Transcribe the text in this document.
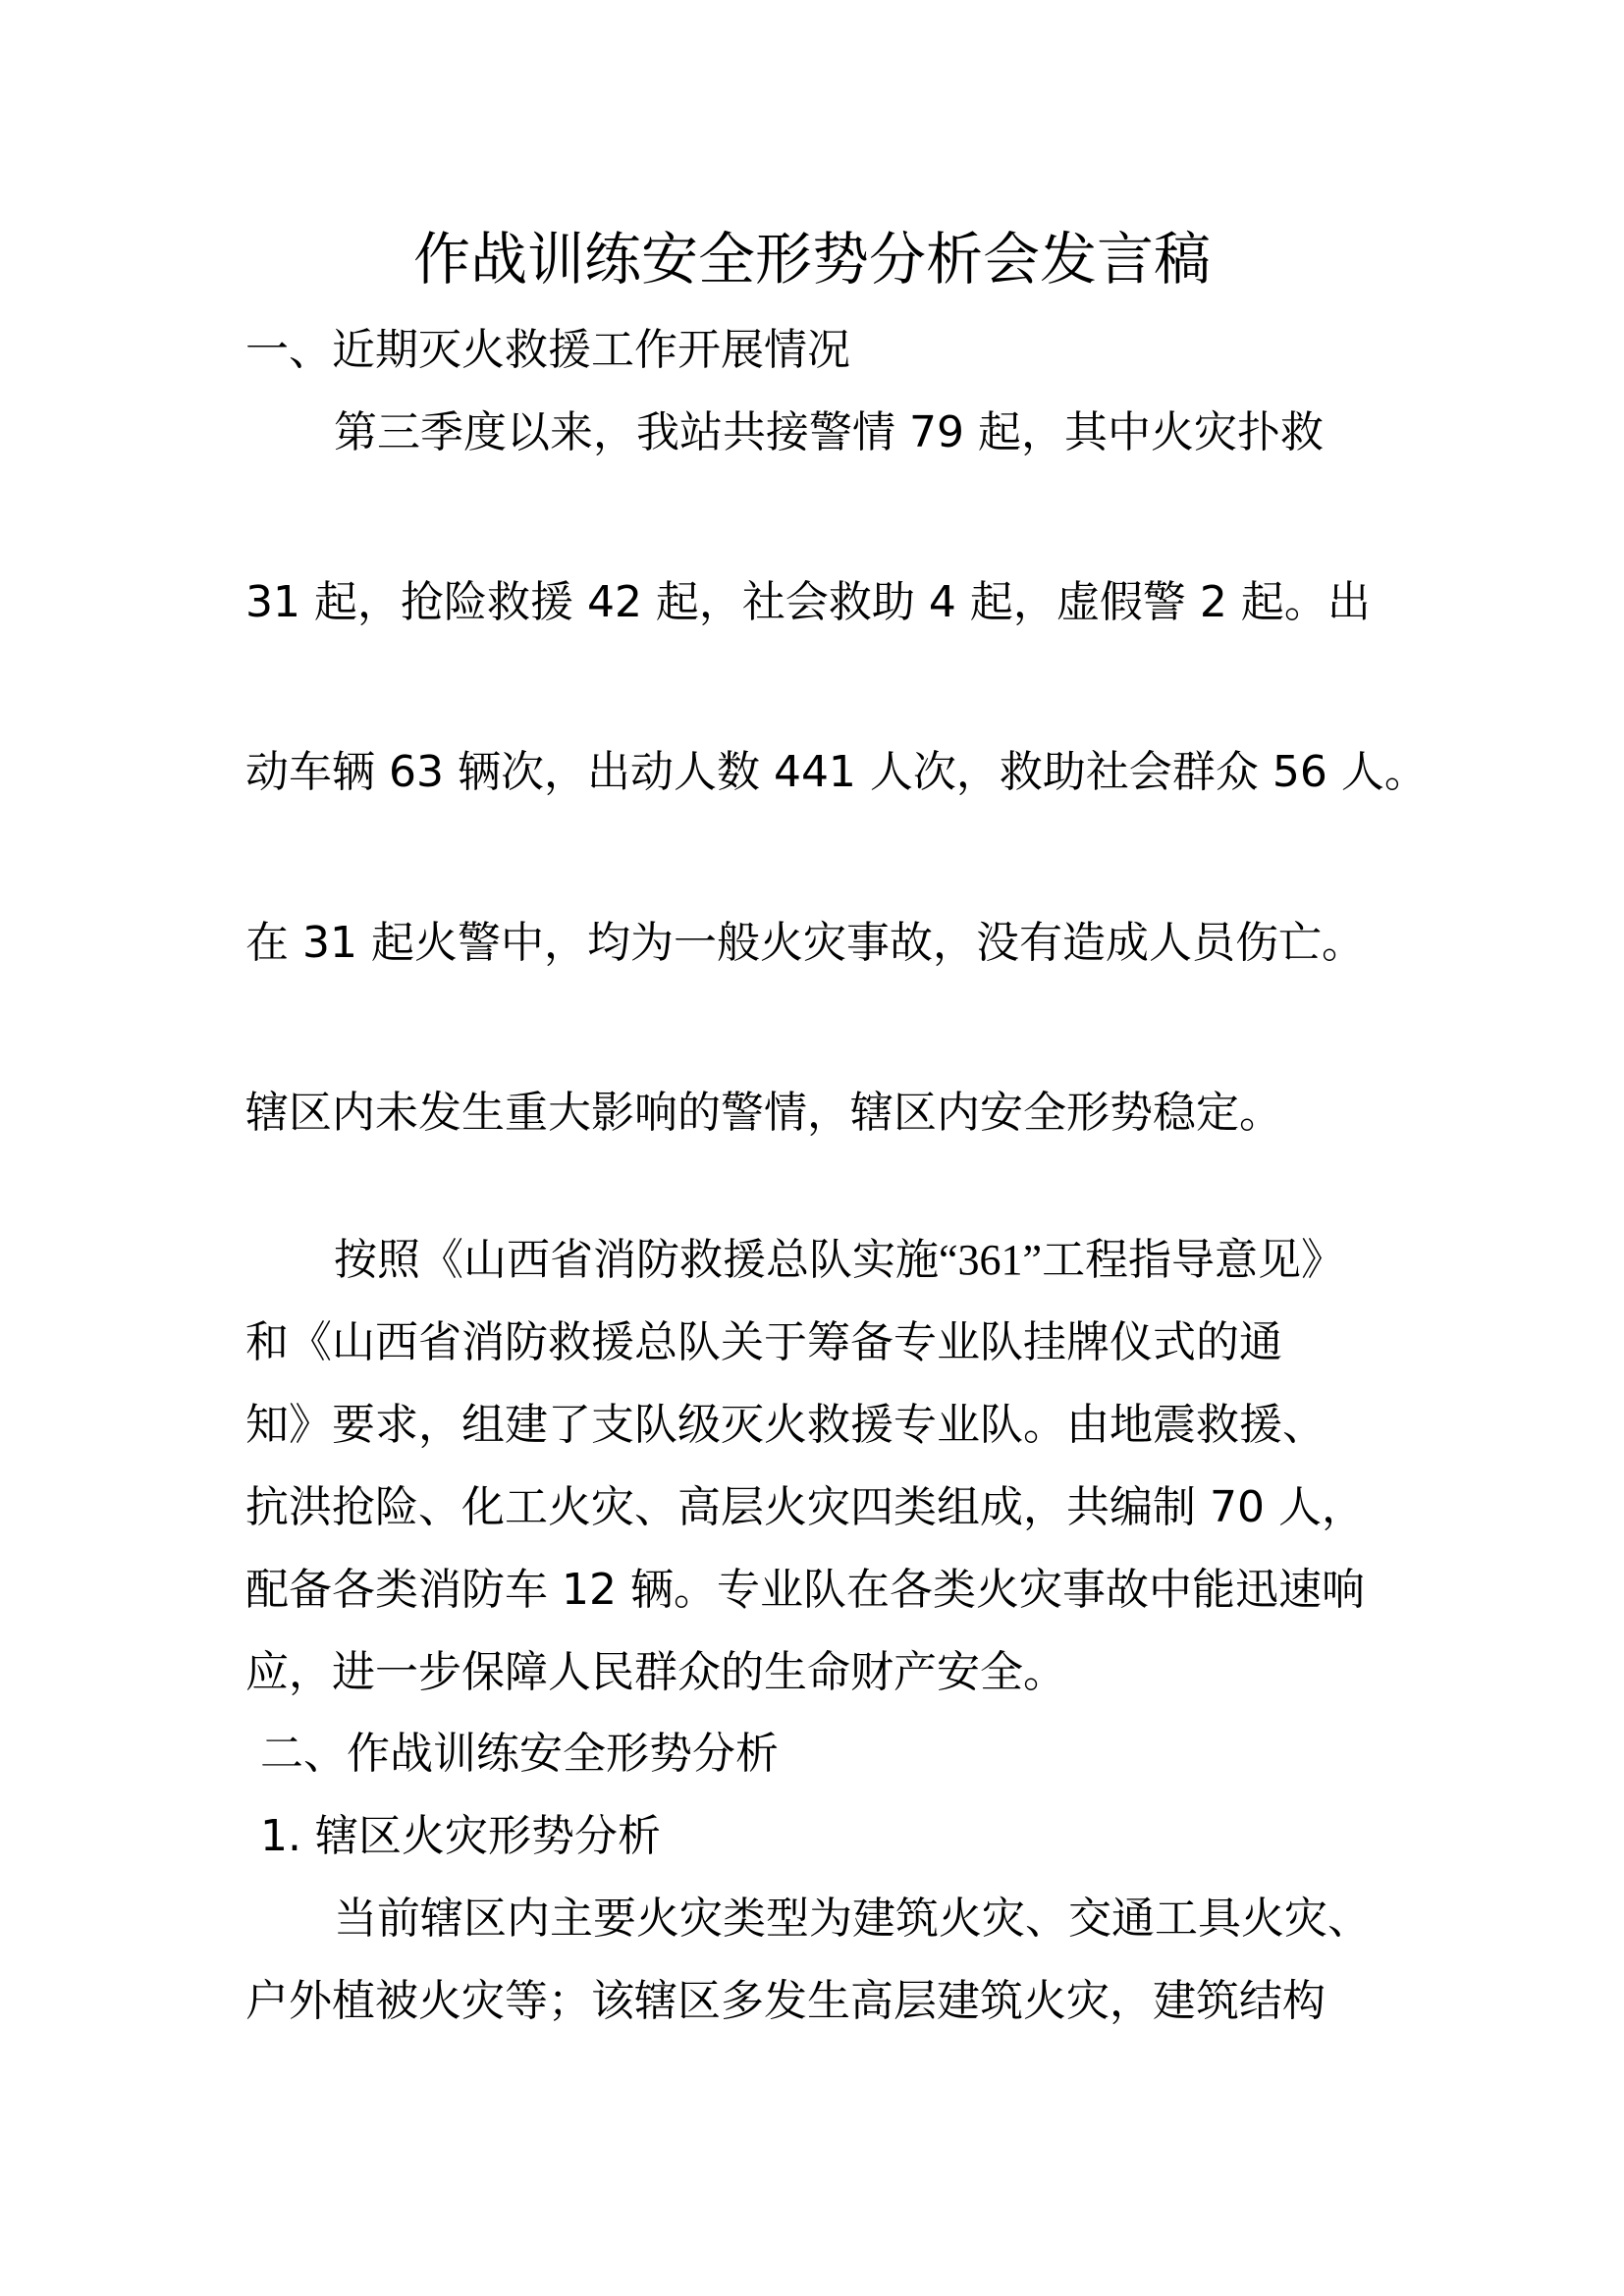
作战训练安全形势分析会发言稿
一、近期灭火救援工作开展情况
第三季度以来，我站共接警情 79 起，其中火灾扑救
31 起，抢险救援 42 起，社会救助 4 起，虚假警 2 起。出
动车辆 63 辆次，出动人数 441 人次，救助社会群众 56 人。
在 31 起火警中，均为一般火灾事故，没有造成人员伤亡。
辖区内未发生重大影响的警情，辖区内安全形势稳定。
按照《山西省消防救援总队实施“361”工程指导意见》
和《山西省消防救援总队关于筹备专业队挂牌仪式的通
知》要求，组建了支队级灭火救援专业队。由地震救援、
抗洪抢险、化工火灾、高层火灾四类组成，共编制 70 人，
配备各类消防车 12 辆。专业队在各类火灾事故中能迅速响
应，进一步保障人民群众的生命财产安全。
二、作战训练安全形势分析
1. 辖区火灾形势分析
当前辖区内主要火灾类型为建筑火灾、交通工具火灾、
户外植被火灾等；该辖区多发生高层建筑火灾，建筑结构
